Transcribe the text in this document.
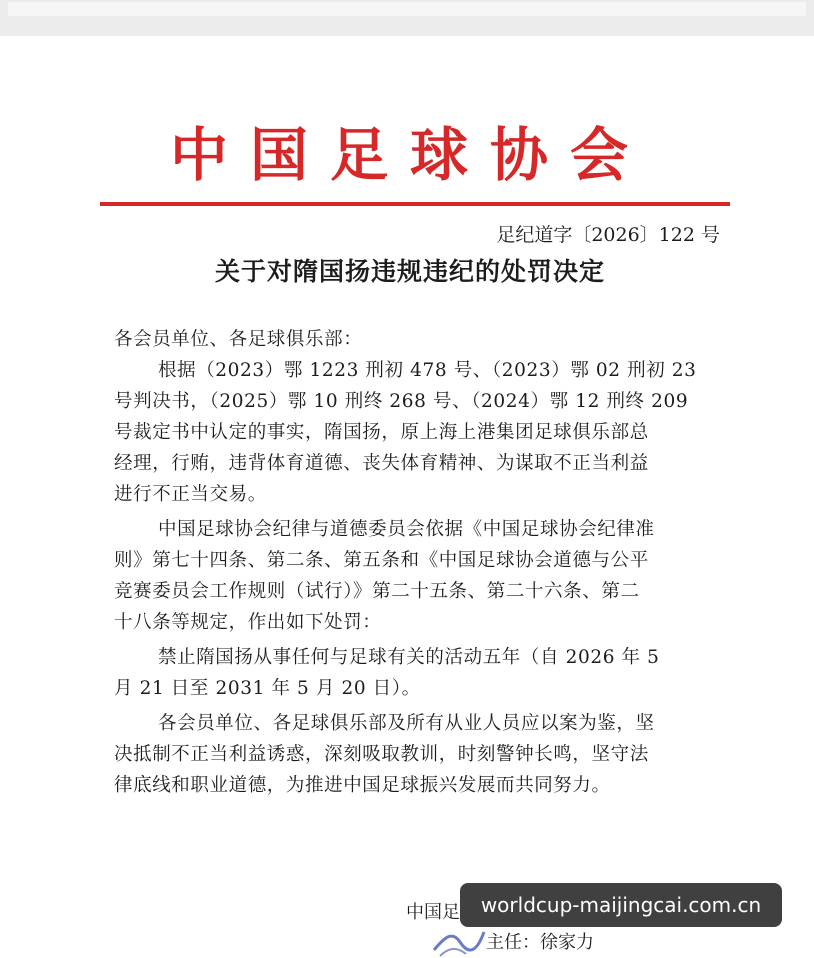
中国足球协会
足纪道字〔2026〕122 号
关于对隋国扬违规违纪的处罚决定
各会员单位、各足球俱乐部：
根据（2023）鄂 1223 刑初 478 号、（2023）鄂 02 刑初 23
号判决书，（2025）鄂 10 刑终 268 号、（2024）鄂 12 刑终 209
号裁定书中认定的事实，隋国扬，原上海上港集团足球俱乐部总
经理，行贿，违背体育道德、丧失体育精神、为谋取不正当利益
进行不正当交易。
中国足球协会纪律与道德委员会依据《中国足球协会纪律准
则》第七十四条、第二条、第五条和《中国足球协会道德与公平
竞赛委员会工作规则（试行）》第二十五条、第二十六条、第二
十八条等规定，作出如下处罚：
禁止隋国扬从事任何与足球有关的活动五年（自 2026 年 5
月 21 日至 2031 年 5 月 20 日）。
各会员单位、各足球俱乐部及所有从业人员应以案为鉴，坚
决抵制不正当利益诱惑，深刻吸取教训，时刻警钟长鸣，坚守法
律底线和职业道德，为推进中国足球振兴发展而共同努力。
中国足
主任：徐家力
worldcup-maijingcai.com.cn
